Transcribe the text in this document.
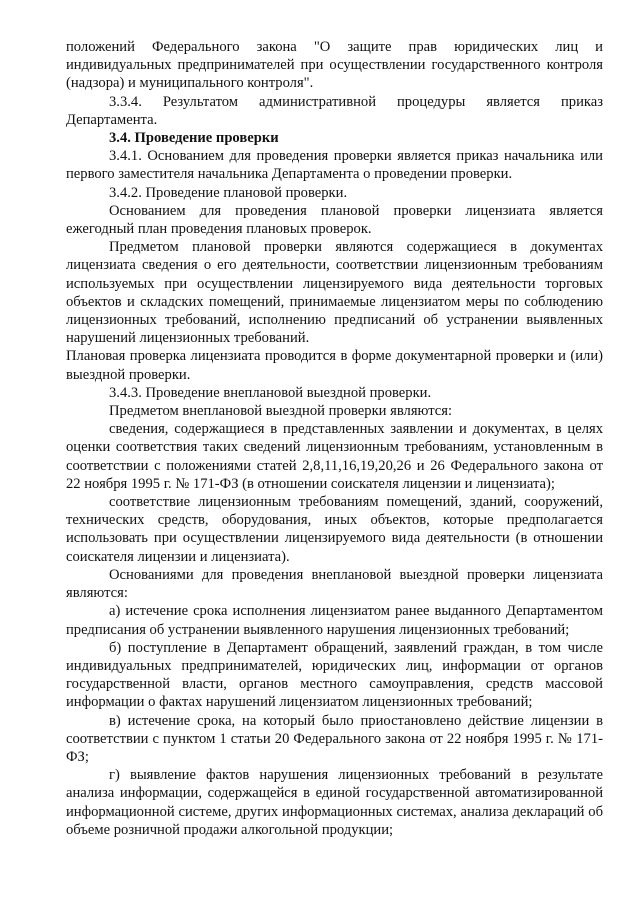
положений Федерального закона "О защите прав юридических лиц и индивидуальных предпринимателей при осуществлении государственного контроля (надзора) и муниципального контроля".

3.3.4. Результатом административной процедуры является приказ Департамента.

3.4. Проведение проверки

3.4.1. Основанием для проведения проверки является приказ начальника или первого заместителя начальника Департамента о проведении проверки.

3.4.2. Проведение плановой проверки.

Основанием для проведения плановой проверки лицензиата является ежегодный план проведения плановых проверок.

Предметом плановой проверки являются содержащиеся в документах лицензиата сведения о его деятельности, соответствии лицензионным требованиям используемых при осуществлении лицензируемого вида деятельности торговых объектов и складских помещений, принимаемые лицензиатом меры по соблюдению лицензионных требований, исполнению предписаний об устранении выявленных нарушений лицензионных требований.

Плановая проверка лицензиата проводится в форме документарной проверки и (или) выездной проверки.

3.4.3. Проведение внеплановой выездной проверки.

Предметом внеплановой выездной проверки являются:

сведения, содержащиеся в представленных заявлении и документах, в целях оценки соответствия таких сведений лицензионным требованиям, установленным в соответствии с положениями статей 2,8,11,16,19,20,26 и 26 Федерального закона от 22 ноября 1995 г. № 171-ФЗ (в отношении соискателя лицензии и лицензиата);

соответствие лицензионным требованиям помещений, зданий, сооружений, технических средств, оборудования, иных объектов, которые предполагается использовать при осуществлении лицензируемого вида деятельности (в отношении соискателя лицензии и лицензиата).

Основаниями для проведения внеплановой выездной проверки лицензиата являются:

а) истечение срока исполнения лицензиатом ранее выданного Департаментом предписания об устранении выявленного нарушения лицензионных требований;

б) поступление в Департамент обращений, заявлений граждан, в том числе индивидуальных предпринимателей, юридических лиц, информации от органов государственной власти, органов местного самоуправления, средств массовой информации о фактах нарушений лицензиатом лицензионных требований;

в) истечение срока, на который было приостановлено действие лицензии в соответствии с пунктом 1 статьи 20 Федерального закона от 22 ноября 1995 г. № 171-ФЗ;

г) выявление фактов нарушения лицензионных требований в результате анализа информации, содержащейся в единой государственной автоматизированной информационной системе, других информационных системах, анализа деклараций об объеме розничной продажи алкогольной продукции;
